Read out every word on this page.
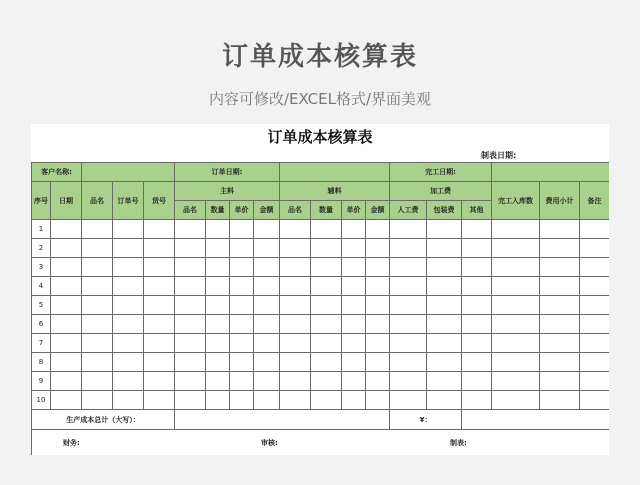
订单成本核算表
内容可修改/EXCEL格式/界面美观
订单成本核算表
制表日期:
客户名称:					订单日期:								完工日期:					
序号	日期	品名	订单号	货号	主料				辅料				加工费			完工入库数	费用小计	备注
					品名	数量	单价	金额	品名	数量	单价	金额	人工费	包装费	其他			
1																		
2																		
3																		
4																		
5																		
6																		
7																		
8																		
9																		
10																		
生产成本总计（大写）：													¥：					

财务: 审核: 制表:																		
